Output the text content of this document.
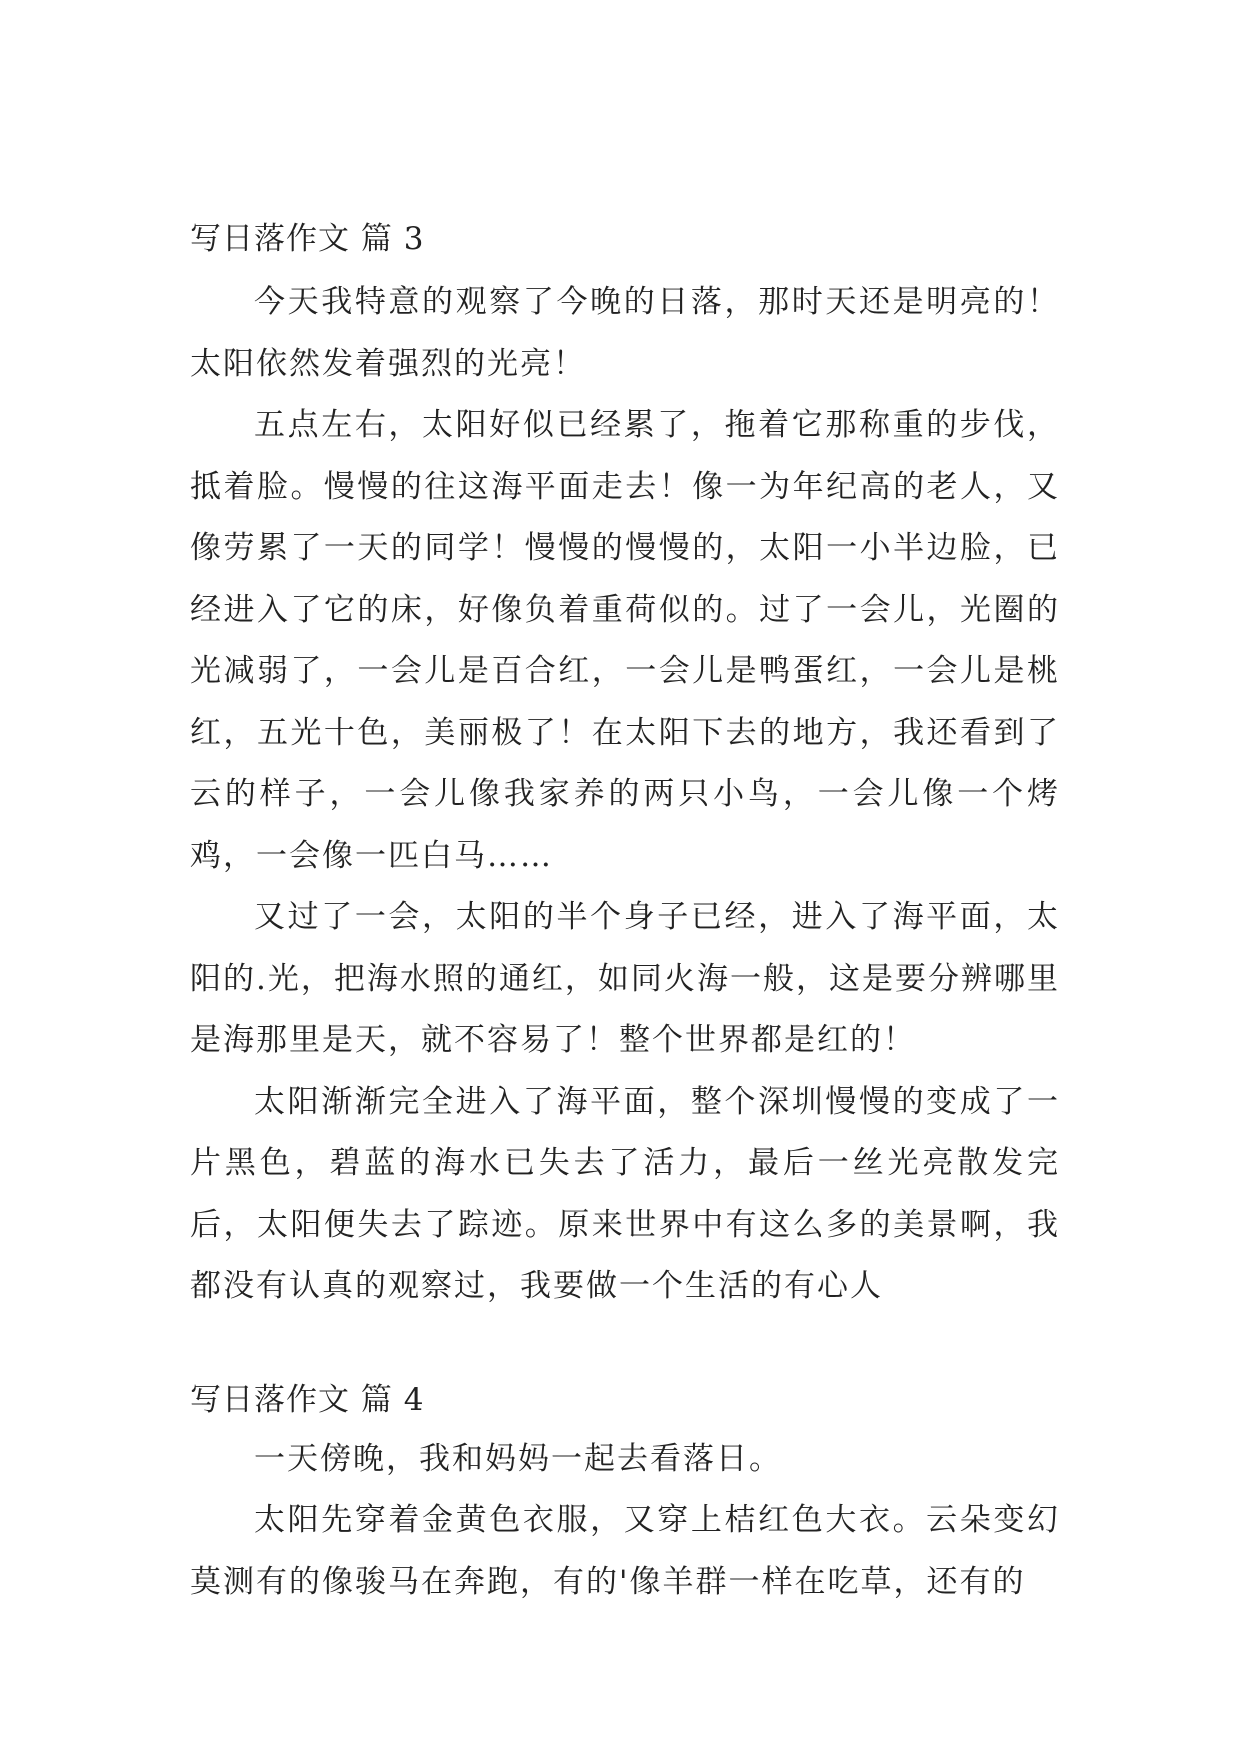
写日落作文 篇 3

今天我特意的观察了今晚的日落，那时天还是明亮的！太阳依然发着强烈的光亮！

五点左右，太阳好似已经累了，拖着它那称重的步伐，抵着脸。慢慢的往这海平面走去！像一为年纪高的老人，又像劳累了一天的同学！慢慢的慢慢的，太阳一小半边脸，已经进入了它的床，好像负着重荷似的。过了一会儿，光圈的光减弱了，一会儿是百合红，一会儿是鸭蛋红，一会儿是桃红，五光十色，美丽极了！在太阳下去的地方，我还看到了云的样子，一会儿像我家养的两只小鸟，一会儿像一个烤鸡，一会像一匹白马……

又过了一会，太阳的半个身子已经，进入了海平面，太阳的.光，把海水照的通红，如同火海一般，这是要分辨哪里是海那里是天，就不容易了！整个世界都是红的！

太阳渐渐完全进入了海平面，整个深圳慢慢的变成了一片黑色，碧蓝的海水已失去了活力，最后一丝光亮散发完后，太阳便失去了踪迹。原来世界中有这么多的美景啊，我都没有认真的观察过，我要做一个生活的有心人

写日落作文 篇 4

一天傍晚，我和妈妈一起去看落日。

太阳先穿着金黄色衣服，又穿上桔红色大衣。云朵变幻莫测有的像骏马在奔跑，有的'像羊群一样在吃草，还有的
